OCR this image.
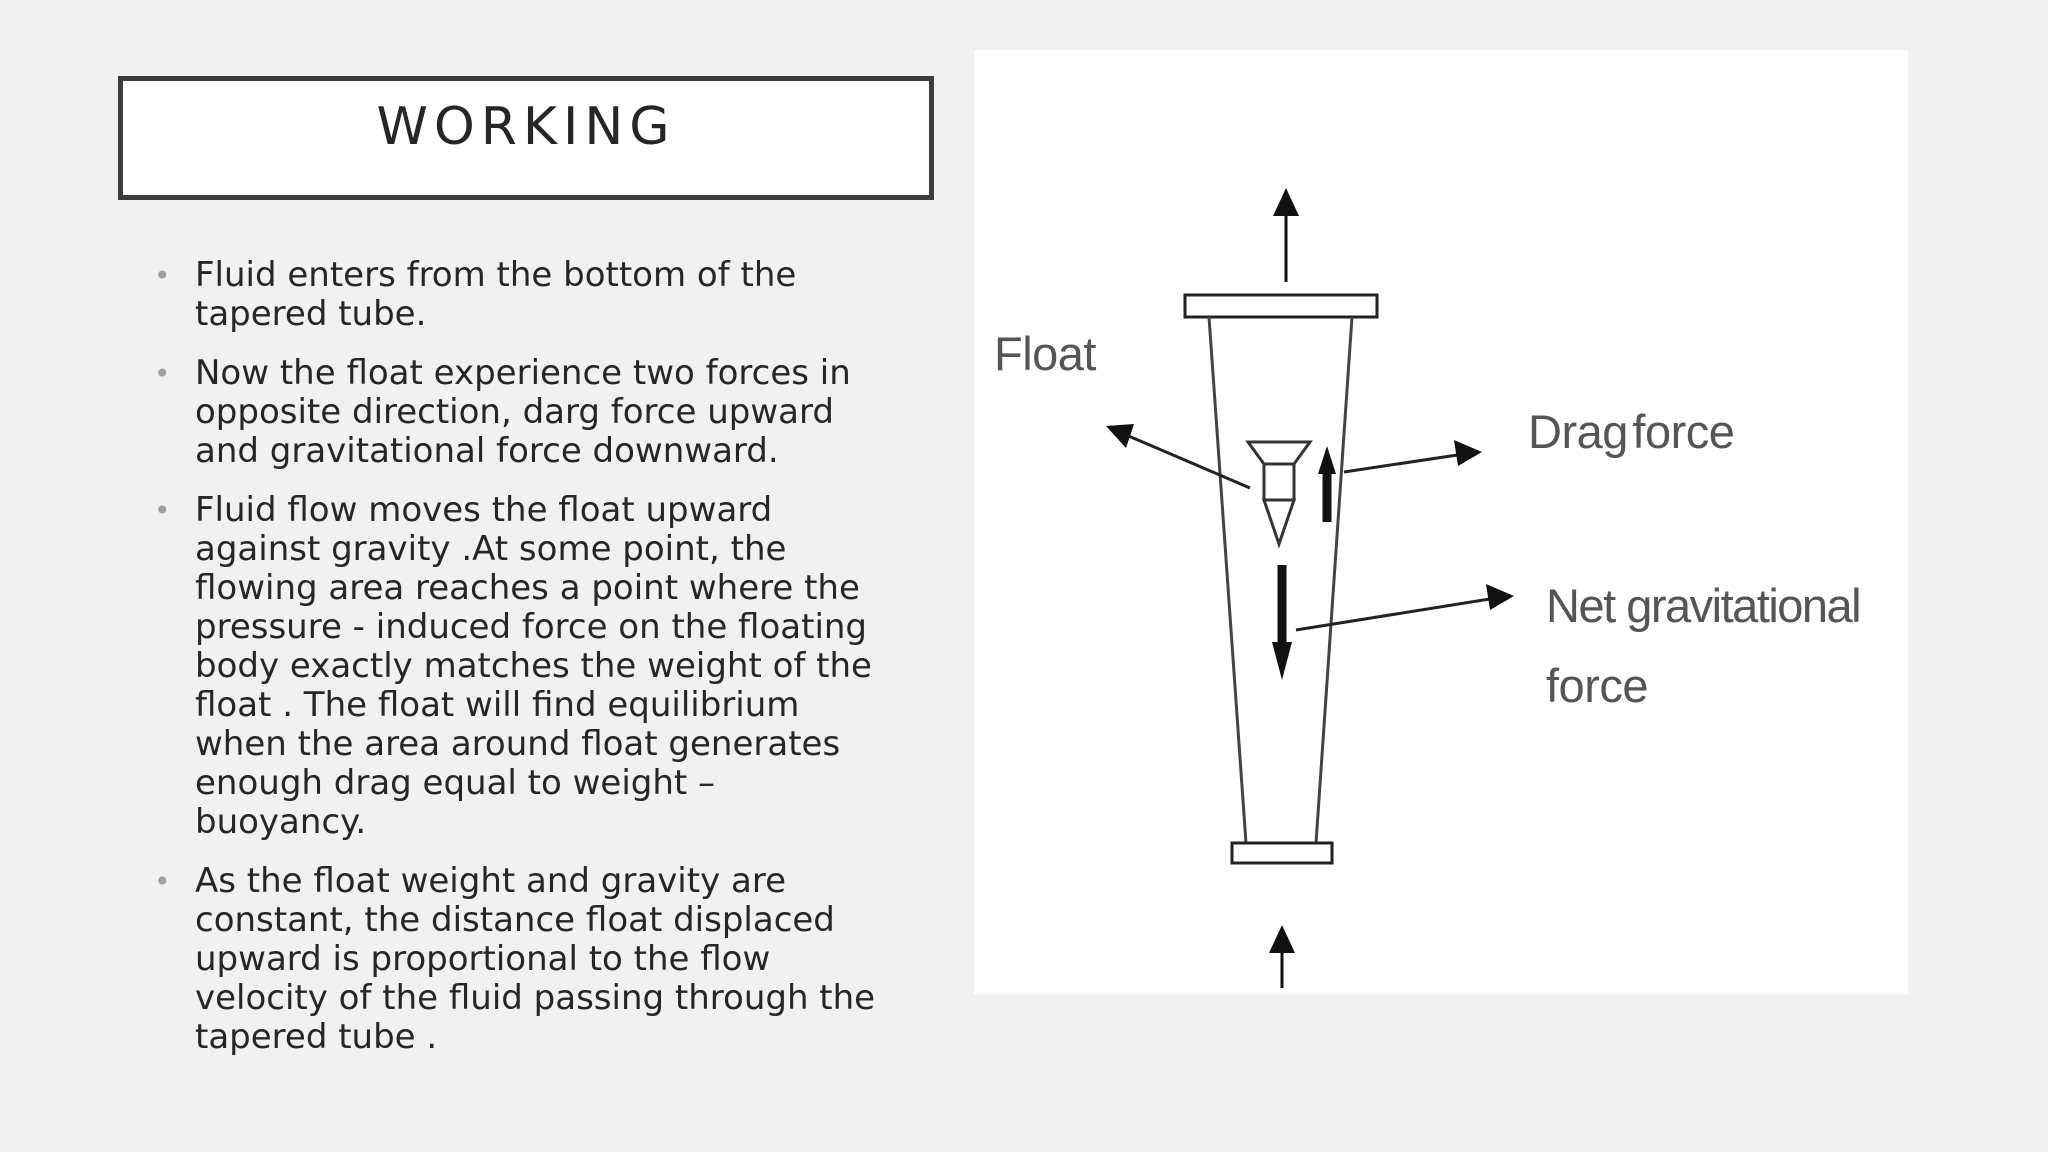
WORKING
• Fluid enters from the bottom of the tapered tube.
• Now the float experience two forces in opposite direction, darg force upward and gravitational force downward.
• Fluid flow moves the float upward against gravity .At some point, the flowing area reaches a point where the pressure - induced force on the floating body exactly matches the weight of the float . The float will find equilibrium when the area around float generates enough drag equal to weight – buoyancy.
• As the float weight and gravity are constant, the distance float displaced upward is proportional to the flow velocity of the fluid passing through the tapered tube .
Float
Drag force
Net gravitational
force
